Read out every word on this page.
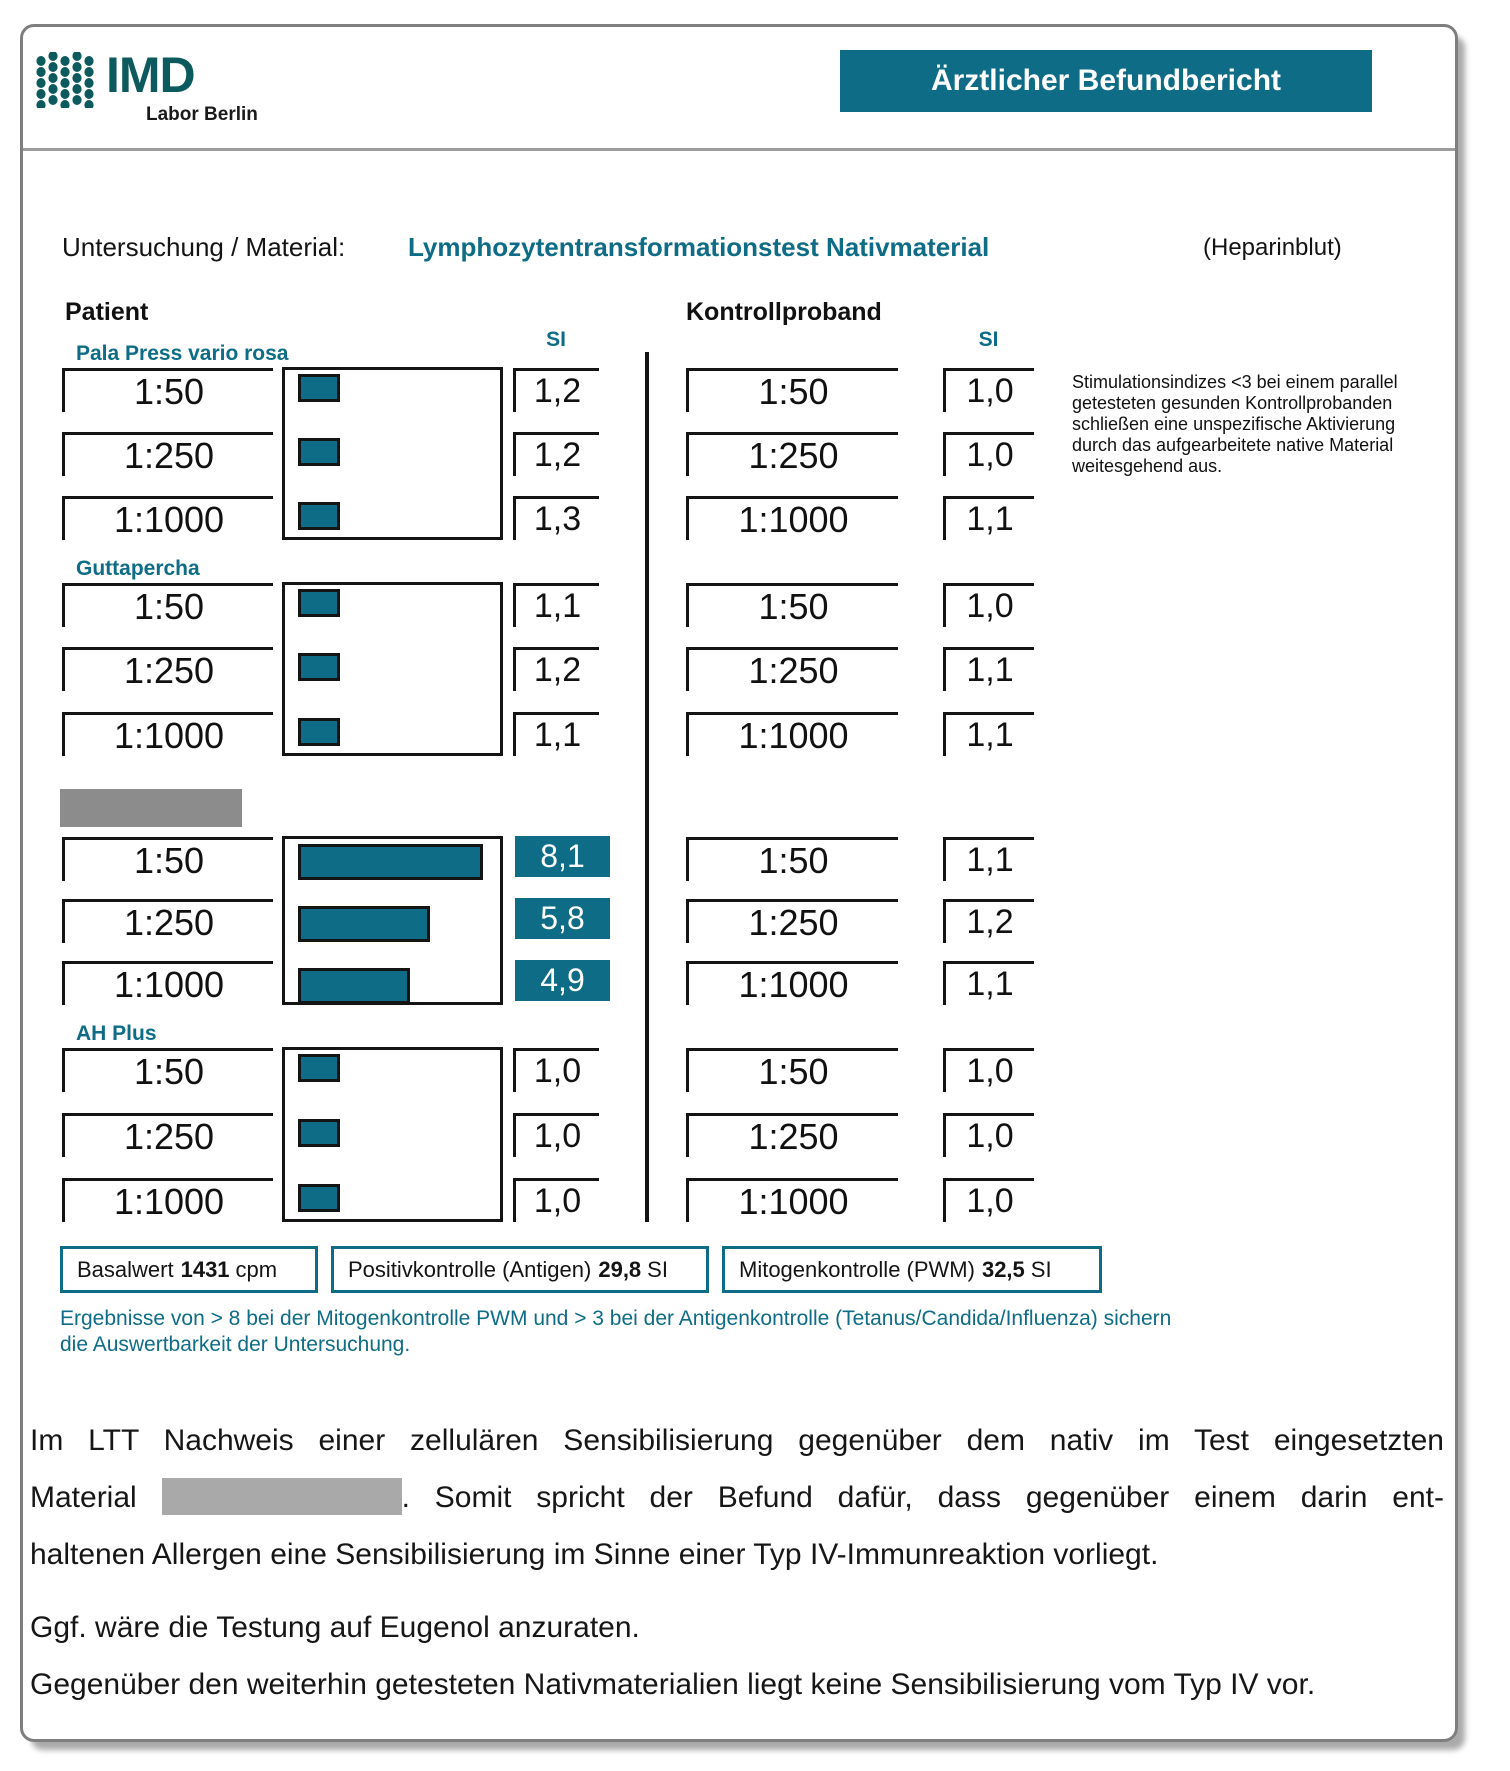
IMD
Labor Berlin
Ärztlicher Befundbericht
Untersuchung / Material: Lymphozytentransformationstest Nativmaterial	(Heparinblut)
Patient
SI
Kontrollproband
SI
Pala Press vario rosa
1:50	1,2	1:50	1,0
1:250	1,2	1:250	1,0
1:1000	1,3	1:1000	1,1
Guttapercha
1:50	1,1	1:50	1,0
1:250	1,2	1:250	1,1
1:1000	1,1	1:1000	1,1
1:50	8,1	1:50	1,1
1:250	5,8	1:250	1,2
1:1000	4,9	1:1000	1,1
AH Plus
1:50	1,0	1:50	1,0
1:250	1,0	1:250	1,0
1:1000	1,0	1:1000	1,0
Stimulationsindizes <3 bei einem parallel getesteten gesunden Kontrollprobanden schließen eine unspezifische Aktivierung durch das aufgearbeitete native Material weitesgehend aus.
Basalwert 1431 cpm	Positivkontrolle (Antigen) 29,8 SI	Mitogenkontrolle (PWM) 32,5 SI
Ergebnisse von > 8 bei der Mitogenkontrolle PWM und > 3 bei der Antigenkontrolle (Tetanus/Candida/Influenza) sichern die Auswertbarkeit der Untersuchung.
Im LTT Nachweis einer zellulären Sensibilisierung gegenüber dem nativ im Test eingesetzten
Material	. Somit spricht der Befund dafür, dass gegenüber einem darin ent-
haltenen Allergen eine Sensibilisierung im Sinne einer Typ IV-Immunreaktion vorliegt.
Ggf. wäre die Testung auf Eugenol anzuraten.
Gegenüber den weiterhin getesteten Nativmaterialien liegt keine Sensibilisierung vom Typ IV vor.
